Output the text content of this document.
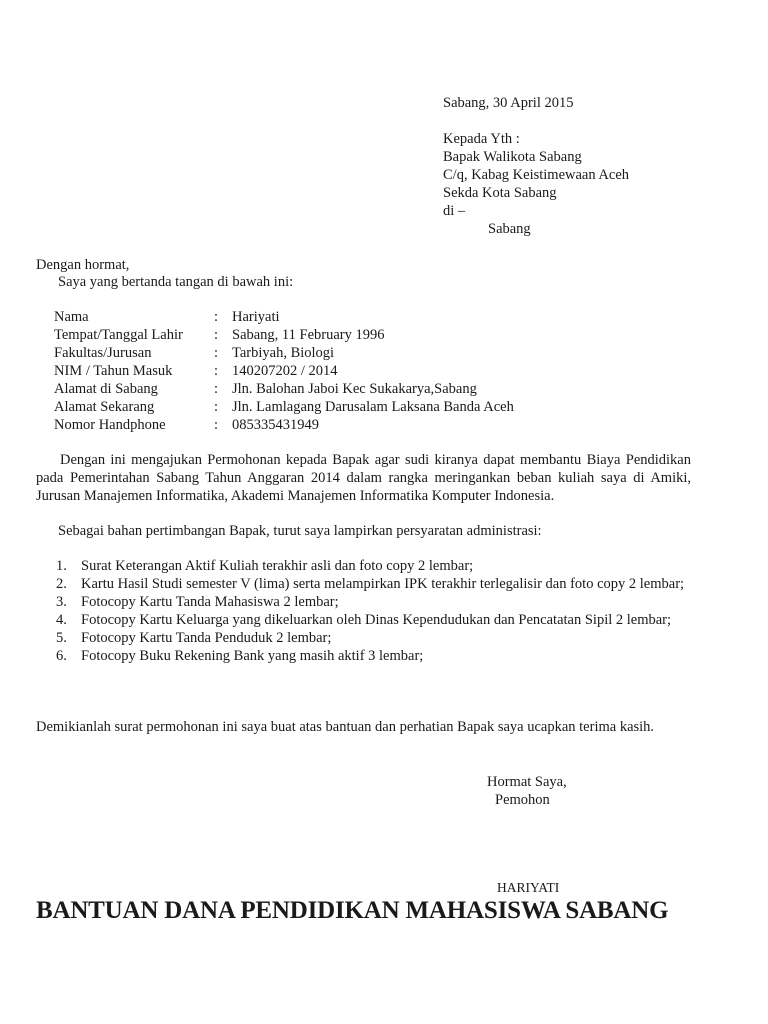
Sabang, 30 April 2015
Kepada Yth :
Bapak Walikota Sabang
C/q, Kabag Keistimewaan Aceh
Sekda Kota Sabang
di –
Sabang
Dengan hormat,
Saya yang bertanda tangan di bawah ini:
Nama	: Hariyati
Tempat/Tanggal Lahir	: Sabang, 11 February 1996
Fakultas/Jurusan	: Tarbiyah, Biologi
NIM / Tahun Masuk	: 140207202 / 2014
Alamat di Sabang	: Jln. Balohan Jaboi Kec Sukakarya,Sabang
Alamat Sekarang	: Jln. Lamlagang Darusalam Laksana Banda Aceh
Nomor Handphone	: 085335431949
Dengan ini mengajukan Permohonan kepada Bapak agar sudi kiranya dapat membantu Biaya Pendidikan pada Pemerintahan Sabang Tahun Anggaran 2014 dalam rangka meringankan beban kuliah saya di Amiki, Jurusan Manajemen Informatika, Akademi Manajemen Informatika Komputer Indonesia.
Sebagai bahan pertimbangan Bapak, turut saya lampirkan persyaratan administrasi:
1. Surat Keterangan Aktif Kuliah terakhir asli dan foto copy 2 lembar;
2. Kartu Hasil Studi semester V (lima) serta melampirkan IPK terakhir terlegalisir dan foto copy 2 lembar;
3. Fotocopy Kartu Tanda Mahasiswa 2 lembar;
4. Fotocopy Kartu Keluarga yang dikeluarkan oleh Dinas Kependudukan dan Pencatatan Sipil 2 lembar;
5. Fotocopy Kartu Tanda Penduduk 2 lembar;
6. Fotocopy Buku Rekening Bank yang masih aktif 3 lembar;
Demikianlah surat permohonan ini saya buat atas bantuan dan perhatian Bapak saya ucapkan terima kasih.
Hormat Saya,
Pemohon
HARIYATI
BANTUAN DANA PENDIDIKAN MAHASISWA SABANG
